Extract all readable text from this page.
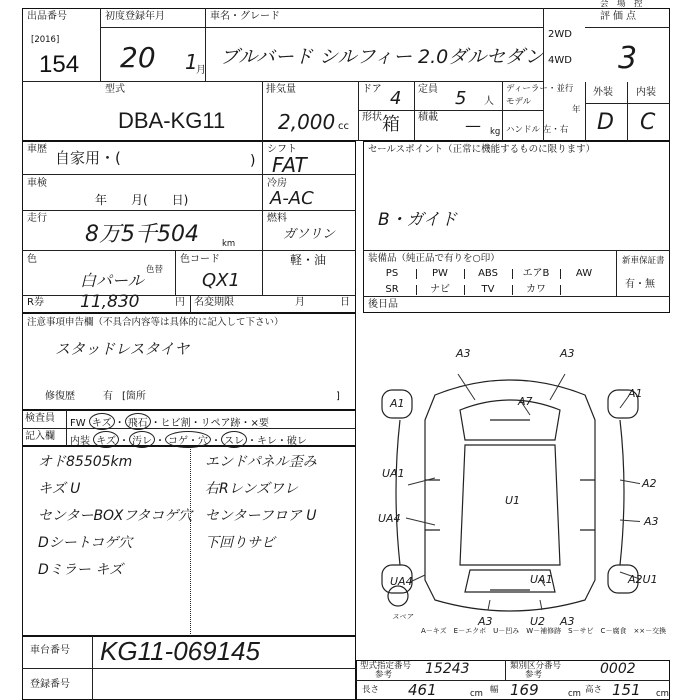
出品番号
[2016]
154
初度登録年月
20 1
月
車名・グレード
ブルバード シルフィー 2.0ダルセダン
2WD
4WD
評価点
3
型式
DBA-KG11
排気量
2,000 cc
ドア 4 定員 5 人
形状 箱 積載 — kg
ディーラー・並行
モデル
年
ハンドル 左・右
外装 内装
D C
車歴 自家用・(	)
シフト
FAT
車検
年　　月(　　日)
冷房
A-AC
走行
8万5千504	km
燃料
ガソリン
軽・油
色
白パール
色替
色コード
QX1
R券 11,830	円 名変期限	月	日
セールスポイント（正常に機能するものに限ります）
B・ガイド
装備品（純正品で有りを○印）	新車保証書
有・無
PS	PW	ABS	エアB	AW
SR	ナビ	TV	カワ
後日品
注意事項申告欄（不具合内容等は具体的に記入して下さい）
スタッドレスタイヤ
修復歴	有 [箇所	]
検査員
記入欄
FW キズ ・ 飛石 ・ヒビ割・リペア跡・×要
内装 キズ ・ 汚レ ・ コゲ・穴 ・ スレ ・キレ・破レ
オド85505km
キズ U
センターBOXフタコゲ穴
Dシートコゲ穴
Dミラー キズ
エンドパネル歪み
右Rレンズワレ
センターフロア U
下回りサビ
A3	A3
A7
A1
A2
A3
A2U1
A1
UA1
UA4
UA4
U1
UA1
A3	U2 A3
スペア
A－キズ　E－エクボ　U－凹み　W－補修跡　S－サビ　C－腐食　××－交換
車台番号 KG11-069145
登録番号
型式指定番号
参考 15243	類別区分番号
参考	0002
長さ 461	cm 幅 169	cm 高さ 151 cm
会　場　控
